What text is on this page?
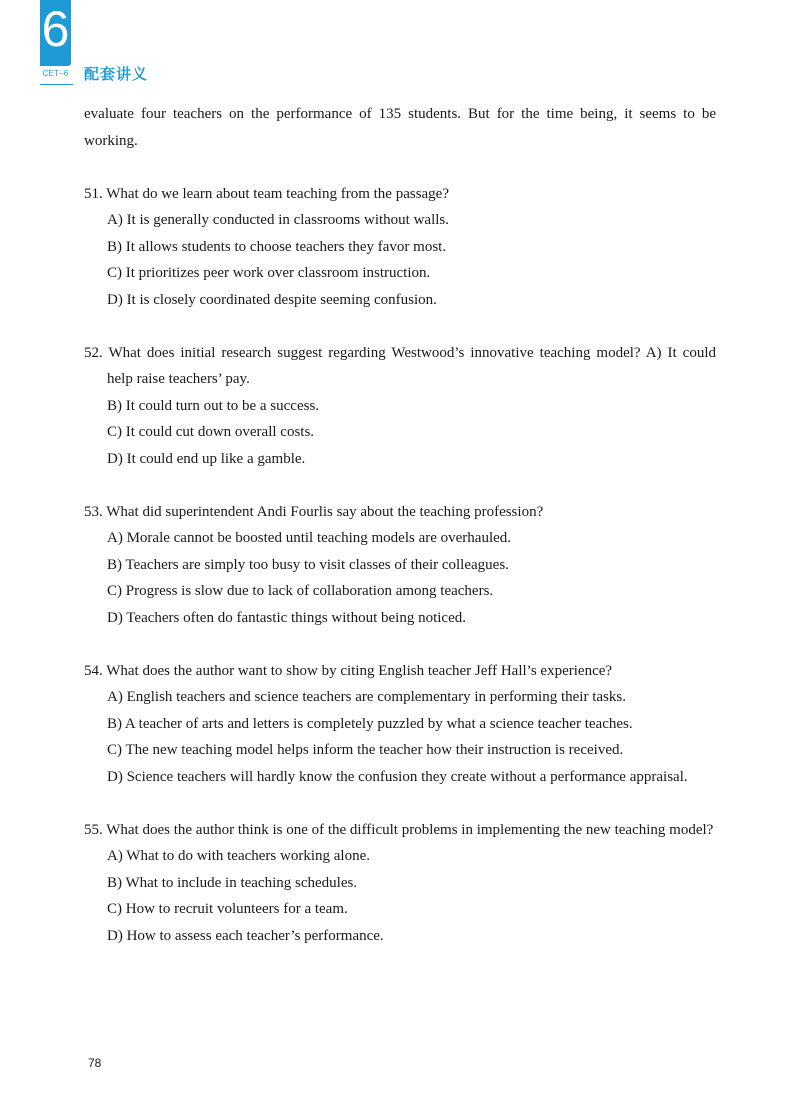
6
CET–6 配套讲义

evaluate four teachers on the performance of 135 students. But for the time being, it seems to be working.

51. What do we learn about team teaching from the passage?

A) It is generally conducted in classrooms without walls.

B) It allows students to choose teachers they favor most.

C) It prioritizes peer work over classroom instruction.

D) It is closely coordinated despite seeming confusion.

52. What does initial research suggest regarding Westwood’s innovative teaching model? A) It could help raise teachers’ pay.

B) It could turn out to be a success.

C) It could cut down overall costs.

D) It could end up like a gamble.

53. What did superintendent Andi Fourlis say about the teaching profession?

A) Morale cannot be boosted until teaching models are overhauled.

B) Teachers are simply too busy to visit classes of their colleagues.

C) Progress is slow due to lack of collaboration among teachers.

D) Teachers often do fantastic things without being noticed.

54. What does the author want to show by citing English teacher Jeff Hall’s experience?

A) English teachers and science teachers are complementary in performing their tasks.

B) A teacher of arts and letters is completely puzzled by what a science teacher teaches.

C) The new teaching model helps inform the teacher how their instruction is received.

D) Science teachers will hardly know the confusion they create without a performance appraisal.

55. What does the author think is one of the difficult problems in implementing the new teaching model?

A) What to do with teachers working alone.

B) What to include in teaching schedules.

C) How to recruit volunteers for a team.

D) How to assess each teacher’s performance.

78
